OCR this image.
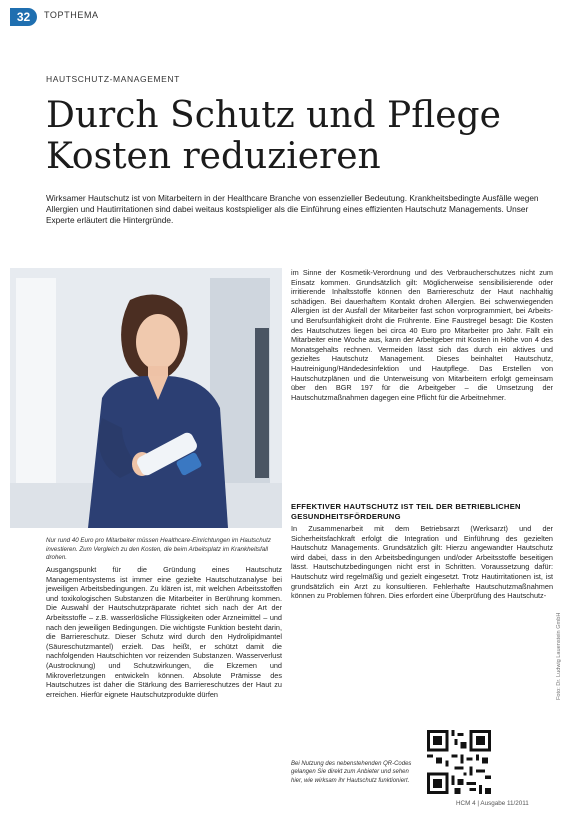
32	TOPTHEMA
HAUTSCHUTZ-MANAGEMENT
Durch Schutz und Pflege Kosten reduzieren

Wirksamer Hautschutz ist von Mitarbeitern in der Healthcare Branche von essenzieller Bedeutung. Krankheitsbedingte Ausfälle wegen Allergien und Hautirritationen sind dabei weitaus kostspieliger als die Einführung eines effizienten Hautschutz Managements. Unser Experte erläutert die Hintergründe.

Nur rund 40 Euro pro Mitarbeiter müssen Healthcare-Einrichtungen im Hautschutz investieren. Zum Vergleich zu den Kosten, die beim Arbeitsplatz im Krankheitsfall drohen.

Ausgangspunkt für die Gründung eines Hautschutz Managementsystems ist immer eine gezielte Hautschutzanalyse bei jeweiligen Arbeitsbedingungen. Zu klären ist, mit welchen Arbeitsstoffen und toxikologischen Substanzen die Mitarbeiter in Berührung kommen. Die Auswahl der Hautschutzpräparate richtet sich nach der Art der Arbeitsstoffe – z.B. wasserlösliche Flüssigkeiten oder Arzneimittel – und nach den jeweiligen Bedingungen. Die wichtigste Funktion besteht darin, die Barriereschutz. Dieser Schutz wird durch den Hydrolipidmantel (Säureschutzmantel) erzielt. Das heißt, er schützt damit die nachfolgenden Hautschichten vor reizenden Substanzen. Wasserverlust (Austrocknung) und Schutzwirkungen, die Ekzemen und Mikroverletzungen entwickeln können. Absolute Prämisse des Hautschutzes ist daher die Stärkung des Barriereschutzes der Haut zu erreichen. Hierfür eignete Hautschutzprodukte dürfen

im Sinne der Kosmetik-Verordnung und des Verbraucherschutzes nicht zum Einsatz kommen. Grundsätzlich gilt: Möglicherweise sensibilisierende oder irritierende Inhaltsstoffe können den Barriereschutz der Haut nachhaltig schädigen. Bei dauerhaftem Kontakt drohen Allergien. Bei schwerwiegenden Allergien ist der Ausfall der Mitarbeiter fast schon vorprogrammiert, bei Arbeits- und Berufsunfähigkeit droht die Frührente. Eine Faustregel besagt: Die Kosten des Hautschutzes liegen bei circa 40 Euro pro Mitarbeiter pro Jahr. Fällt ein Mitarbeiter eine Woche aus, kann der Arbeitgeber mit Kosten in Höhe von 4 des Monatsgehalts rechnen. Vermeiden lässt sich das durch ein aktives und gezieltes Hautschutz Management. Dieses beinhaltet Hautschutz, Hautreinigung/Händedesinfektion und Hautpflege. Das Erstellen von Hautschutzplänen und die Unterweisung von Mitarbeitern erfolgt gemeinsam über den BGR 197 für die Arbeitgeber – die Umsetzung der Hautschutzmaßnahmen dagegen eine Pflicht für die Arbeitnehmer.

EFFEKTIVER HAUTSCHUTZ IST TEIL DER BETRIEBLICHEN GESUNDHEITSFÖRDERUNG

In Zusammenarbeit mit dem Betriebsarzt (Werksarzt) und der Sicherheitsfachkraft erfolgt die Integration und Einführung des gezielten Hautschutz Managements. Grundsätzlich gilt: Hierzu angewandter Hautschutz wird dabei, dass in den Arbeitsbedingungen und/oder Arbeitsstoffe beseitigen lässt. Hautschutzbedingungen nicht erst in Schritten. Voraussetzung dafür: Hautschutz wird regelmäßig und gezielt eingesetzt. Trotz Hautirritationen ist, ist grundsätzlich ein Arzt zu konsultieren. Fehlerhafte Hautschutzmaßnahmen können zu Problemen führen. Dies erfordert eine Überprüfung des Hautschutz-

Bei Nutzung des nebenstehenden QR-Codes gelangen Sie direkt zum Anbieter und sehen hier, wie wirksam ihr Hautschutz funktioniert.

Foto: Dr. Ludwig Lauenstein GmbH
HCM 4 | Ausgabe 11/2011
